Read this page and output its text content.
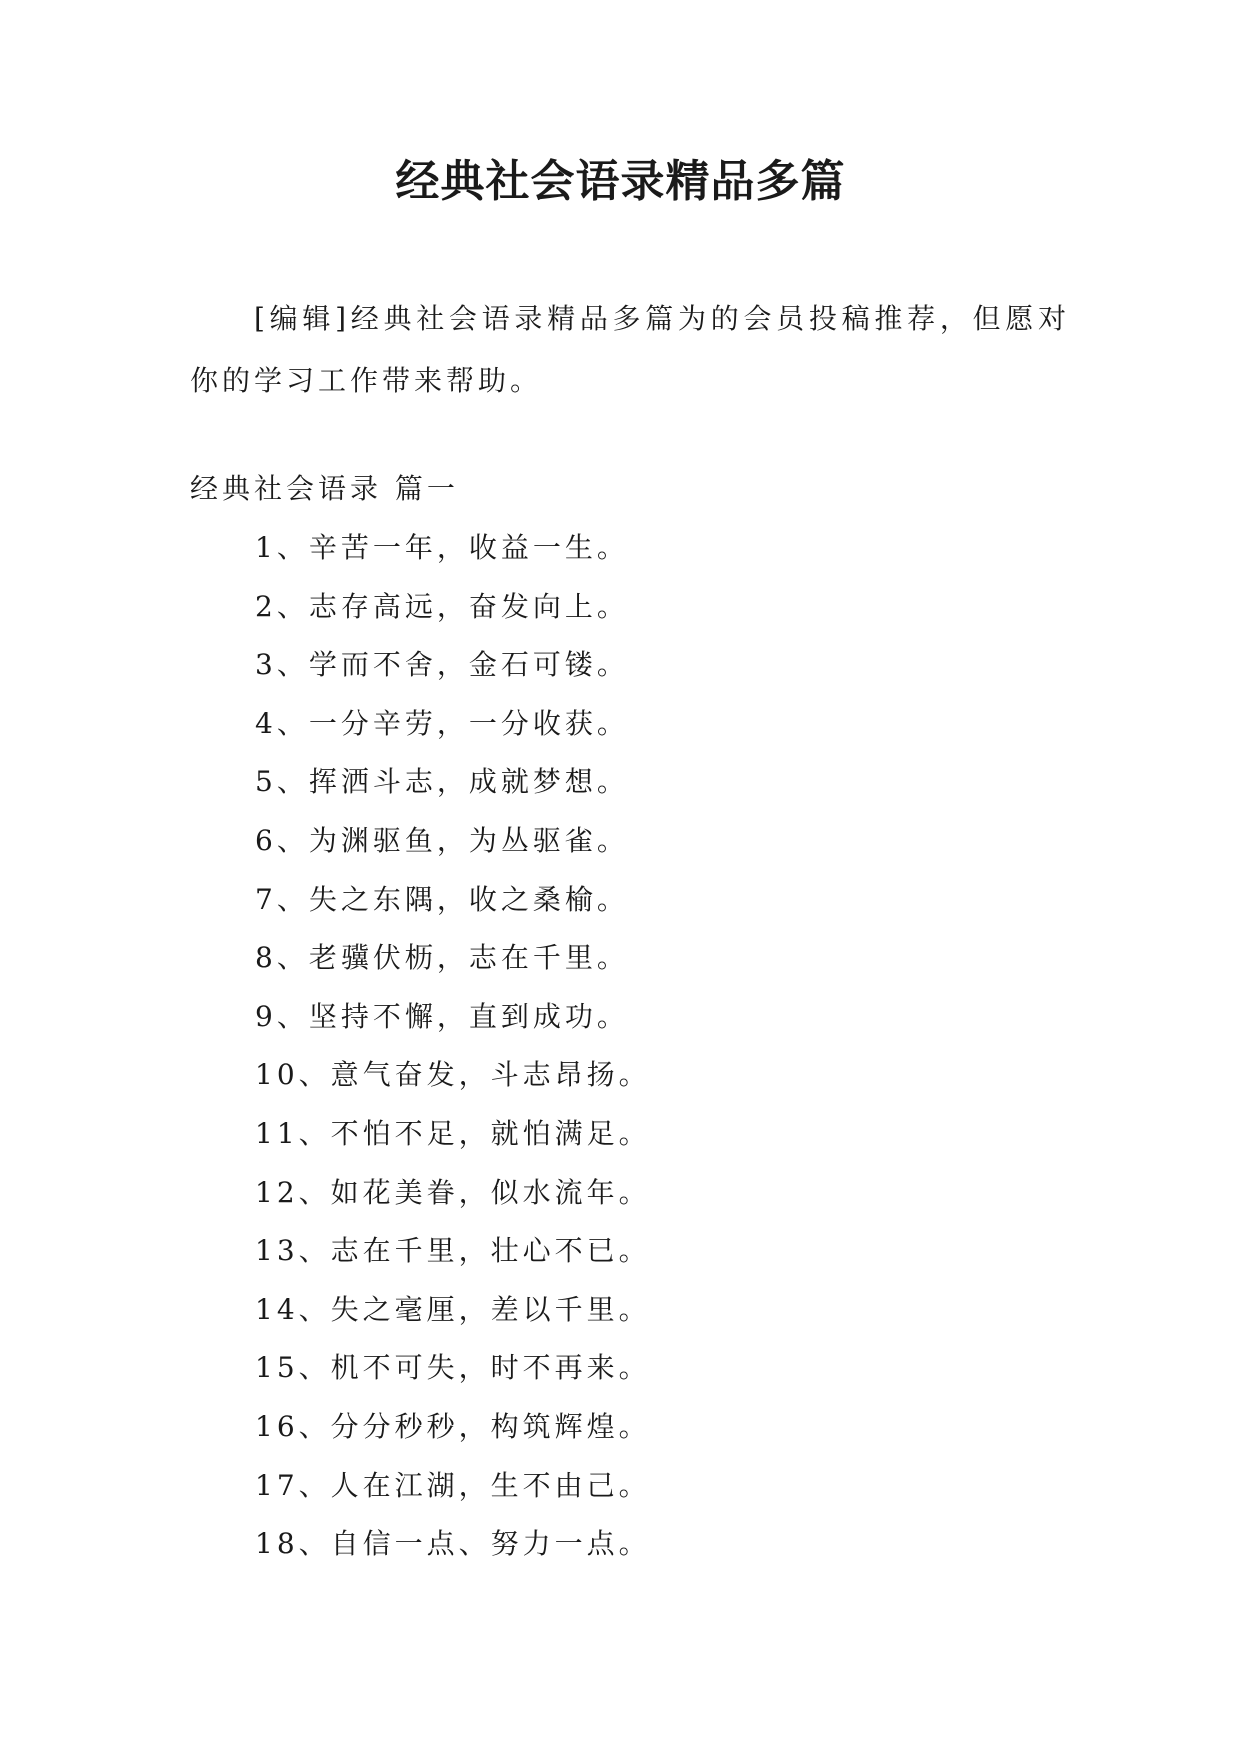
经典社会语录精品多篇
[编辑]经典社会语录精品多篇为的会员投稿推荐，但愿对你的学习工作带来帮助。
经典社会语录 篇一
1、辛苦一年，收益一生。
2、志存高远，奋发向上。
3、学而不舍，金石可镂。
4、一分辛劳，一分收获。
5、挥洒斗志，成就梦想。
6、为渊驱鱼，为丛驱雀。
7、失之东隅，收之桑榆。
8、老骥伏枥，志在千里。
9、坚持不懈，直到成功。
10、意气奋发，斗志昂扬。
11、不怕不足，就怕满足。
12、如花美眷，似水流年。
13、志在千里，壮心不已。
14、失之毫厘，差以千里。
15、机不可失，时不再来。
16、分分秒秒，构筑辉煌。
17、人在江湖，生不由己。
18、自信一点、努力一点。
